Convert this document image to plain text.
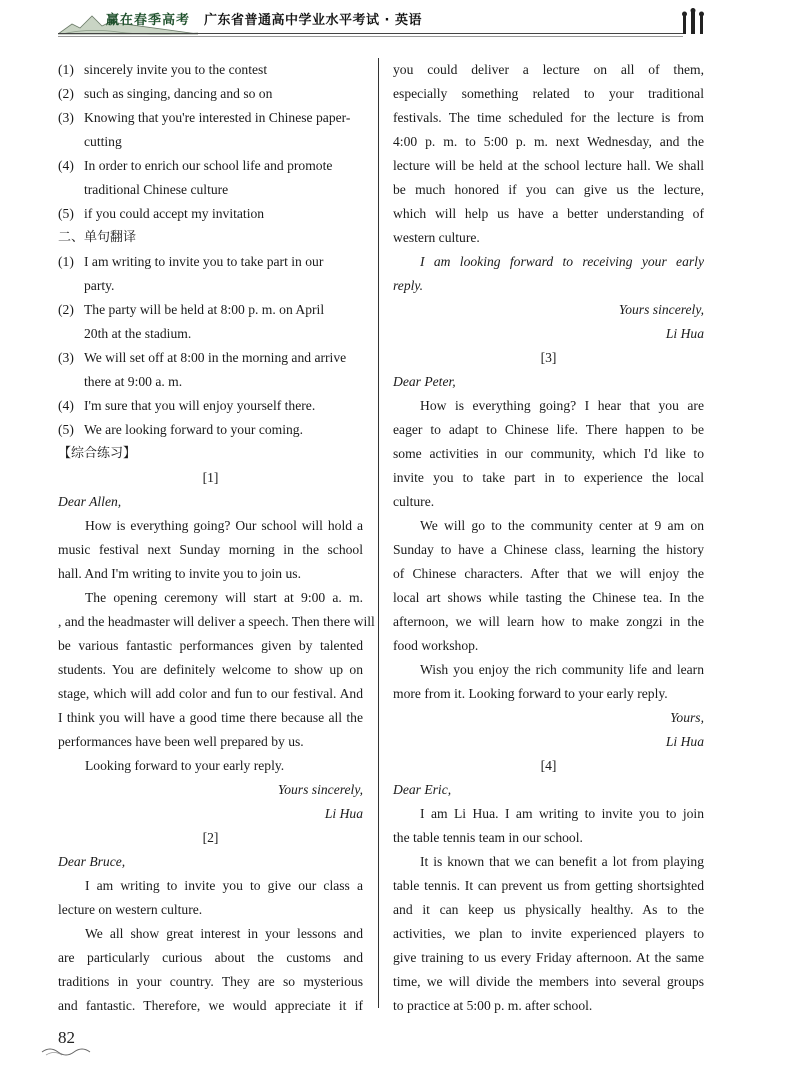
赢在春季高考 广东省普通高中学业水平考试 · 英语
(1) sincerely invite you to the contest
(2) such as singing, dancing and so on
(3) Knowing that you're interested in Chinese paper-
cutting
(4) In order to enrich our school life and promote
traditional Chinese culture
(5) if you could accept my invitation
二、单句翻译
(1) I am writing to invite you to take part in our
party.
(2) The party will be held at 8:00 p. m. on April
20th at the stadium.
(3) We will set off at 8:00 in the morning and arrive
there at 9:00 a. m.
(4) I'm sure that you will enjoy yourself there.
(5) We are looking forward to your coming.
【综合练习】
[1]
Dear Allen,
How is everything going? Our school will hold a
music festival next Sunday morning in the school
hall. And I'm writing to invite you to join us.
The opening ceremony will start at 9:00 a. m.
, and the headmaster will deliver a speech. Then there will
be various fantastic performances given by talented
students. You are definitely welcome to show up on
stage, which will add color and fun to our festival. And
I think you will have a good time there because all the
performances have been well prepared by us.
Looking forward to your early reply.
Yours sincerely,
Li Hua
[2]
Dear Bruce,
I am writing to invite you to give our class a
lecture on western culture.
We all show great interest in your lessons and
are particularly curious about the customs and
traditions in your country. They are so mysterious
and fantastic. Therefore, we would appreciate it if
you could deliver a lecture on all of them,
especially something related to your traditional
festivals. The time scheduled for the lecture is from
4:00 p. m. to 5:00 p. m. next Wednesday, and the
lecture will be held at the school lecture hall. We shall
be much honored if you can give us the lecture,
which will help us have a better understanding of
western culture.
I am looking forward to receiving your early
reply.
Yours sincerely,
Li Hua
[3]
Dear Peter,
How is everything going? I hear that you are
eager to adapt to Chinese life. There happen to be
some activities in our community, which I'd like to
invite you to take part in to experience the local
culture.
We will go to the community center at 9 am on
Sunday to have a Chinese class, learning the history
of Chinese characters. After that we will enjoy the
local art shows while tasting the Chinese tea. In the
afternoon, we will learn how to make zongzi in the
food workshop.
Wish you enjoy the rich community life and learn
more from it. Looking forward to your early reply.
Yours,
Li Hua
[4]
Dear Eric,
I am Li Hua. I am writing to invite you to join
the table tennis team in our school.
It is known that we can benefit a lot from playing
table tennis. It can prevent us from getting shortsighted
and it can keep us physically healthy. As to the
activities, we plan to invite experienced players to
give training to us every Friday afternoon. At the same
time, we will divide the members into several groups
to practice at 5:00 p. m. after school.
82
